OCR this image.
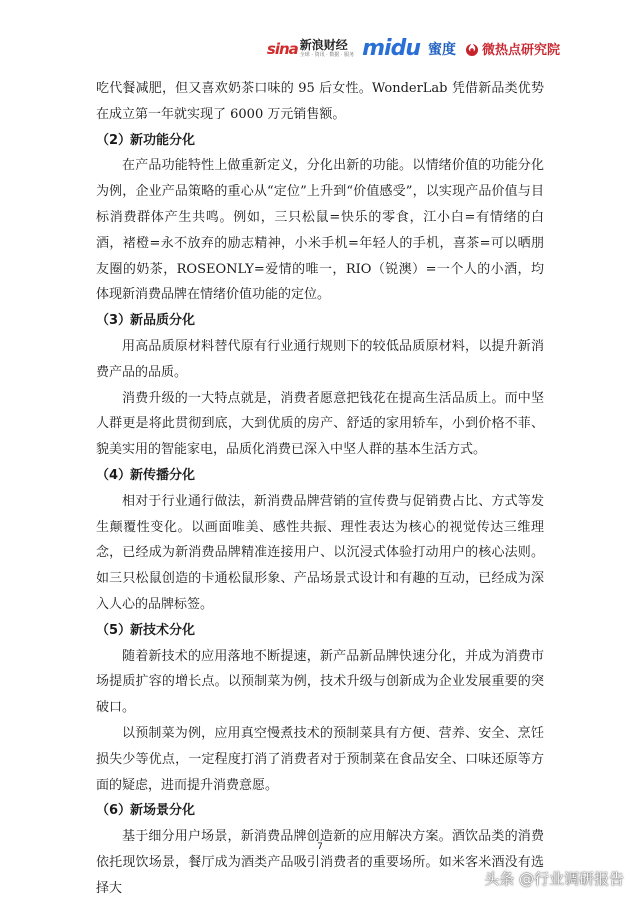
sina 新浪财经
全球 · 资讯 · 数据 · 服务 midu 蜜度 微热点研究院

吃代餐减肥，但又喜欢奶茶口味的 95 后女性。WonderLab 凭借新品类优势在成立第一年就实现了 6000 万元销售额。

（2）新功能分化

在产品功能特性上做重新定义，分化出新的功能。以情绪价值的功能分化为例，企业产品策略的重心从“定位”上升到“价值感受”，以实现产品价值与目标消费群体产生共鸣。例如，三只松鼠=快乐的零食，江小白=有情绪的白酒，褚橙=永不放弃的励志精神，小米手机=年轻人的手机，喜茶=可以晒朋友圈的奶茶，ROSEONLY=爱情的唯一，RIO（锐澳）=一个人的小酒，均体现新消费品牌在情绪价值功能的定位。

（3）新品质分化

用高品质原材料替代原有行业通行规则下的较低品质原材料，以提升新消费产品的品质。

消费升级的一大特点就是，消费者愿意把钱花在提高生活品质上。而中坚人群更是将此贯彻到底，大到优质的房产、舒适的家用轿车，小到价格不菲、貌美实用的智能家电，品质化消费已深入中坚人群的基本生活方式。

（4）新传播分化

相对于行业通行做法，新消费品牌营销的宣传费与促销费占比、方式等发生颠覆性变化。以画面唯美、感性共振、理性表达为核心的视觉传达三维理念，已经成为新消费品牌精准连接用户、以沉浸式体验打动用户的核心法则。如三只松鼠创造的卡通松鼠形象、产品场景式设计和有趣的互动，已经成为深入人心的品牌标签。

（5）新技术分化

随着新技术的应用落地不断提速，新产品新品牌快速分化，并成为消费市场提质扩容的增长点。以预制菜为例，技术升级与创新成为企业发展重要的突破口。

以预制菜为例，应用真空慢煮技术的预制菜具有方便、营养、安全、烹饪损失少等优点，一定程度打消了消费者对于预制菜在食品安全、口味还原等方面的疑虑，进而提升消费意愿。

（6）新场景分化

基于细分用户场景，新消费品牌创造新的应用解决方案。酒饮品类的消费依托现饮场景，餐厅成为酒类产品吸引消费者的重要场所。如米客米酒没有选择大

7
头条 @行业调研报告
